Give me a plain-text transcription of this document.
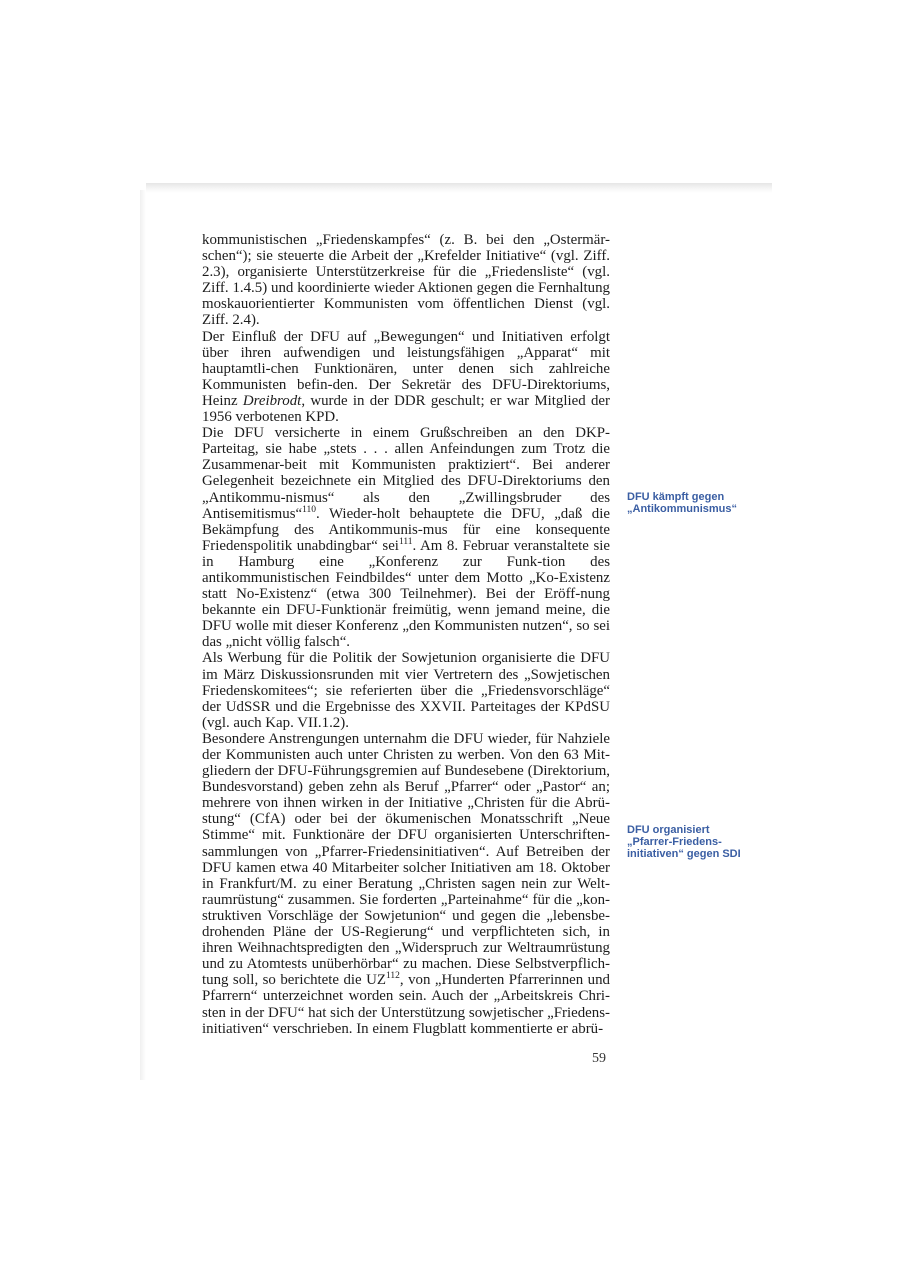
kommunistischen „Friedenskampfes“ (z. B. bei den „Ostermär-schen“); sie steuerte die Arbeit der „Krefelder Initiative“ (vgl. Ziff. 2.3), organisierte Unterstützerkreise für die „Friedensliste“ (vgl. Ziff. 1.4.5) und koordinierte wieder Aktionen gegen die Fernhaltung moskauorientierter Kommunisten vom öffentlichen Dienst (vgl. Ziff. 2.4).

Der Einfluß der DFU auf „Bewegungen“ und Initiativen erfolgt über ihren aufwendigen und leistungsfähigen „Apparat“ mit hauptamtli-chen Funktionären, unter denen sich zahlreiche Kommunisten befin-den. Der Sekretär des DFU-Direktoriums, Heinz Dreibrodt, wurde in der DDR geschult; er war Mitglied der 1956 verbotenen KPD.

Die DFU versicherte in einem Grußschreiben an den DKP-Parteitag, sie habe „stets . . . allen Anfeindungen zum Trotz die Zusammenar-beit mit Kommunisten praktiziert“. Bei anderer Gelegenheit bezeichnete ein Mitglied des DFU-Direktoriums den „Antikommu-nismus“ als den „Zwillingsbruder des Antisemitismus“$^{110}$. Wieder-holt behauptete die DFU, „daß die Bekämpfung des Antikommunis-mus für eine konsequente Friedenspolitik unabdingbar“ sei$^{111}$. Am 8. Februar veranstaltete sie in Hamburg eine „Konferenz zur Funk-tion des antikommunistischen Feindbildes“ unter dem Motto „Ko-Existenz statt No-Existenz“ (etwa 300 Teilnehmer). Bei der Eröff-nung bekannte ein DFU-Funktionär freimütig, wenn jemand meine, die DFU wolle mit dieser Konferenz „den Kommunisten nutzen“, so sei das „nicht völlig falsch“.

Als Werbung für die Politik der Sowjetunion organisierte die DFU im März Diskussionsrunden mit vier Vertretern des „Sowjetischen Friedenskomitees“; sie referierten über die „Friedensvorschläge“ der UdSSR und die Ergebnisse des XXVII. Parteitages der KPdSU (vgl. auch Kap. VII.1.2).

Besondere Anstrengungen unternahm die DFU wieder, für Nahziele der Kommunisten auch unter Christen zu werben. Von den 63 Mit-gliedern der DFU-Führungsgremien auf Bundesebene (Direktorium, Bundesvorstand) geben zehn als Beruf „Pfarrer“ oder „Pastor“ an; mehrere von ihnen wirken in der Initiative „Christen für die Abrü-stung“ (CfA) oder bei der ökumenischen Monatsschrift „Neue Stimme“ mit. Funktionäre der DFU organisierten Unterschriften-sammlungen von „Pfarrer-Friedensinitiativen“. Auf Betreiben der DFU kamen etwa 40 Mitarbeiter solcher Initiativen am 18. Oktober in Frankfurt/M. zu einer Beratung „Christen sagen nein zur Welt-raumrüstung“ zusammen. Sie forderten „Parteinahme“ für die „kon-struktiven Vorschläge der Sowjetunion“ und gegen die „lebensbe-drohenden Pläne der US-Regierung“ und verpflichteten sich, in ihren Weihnachtspredigten den „Widerspruch zur Weltraumrüstung und zu Atomtests unüberhörbar“ zu machen. Diese Selbstverpflich-tung soll, so berichtete die UZ$^{112}$, von „Hunderten Pfarrerinnen und Pfarrern“ unterzeichnet worden sein. Auch der „Arbeitskreis Chri-sten in der DFU“ hat sich der Unterstützung sowjetischer „Friedens-initiativen“ verschrieben. In einem Flugblatt kommentierte er abrü-

DFU kämpft gegen „Antikommunismus“
DFU organisiert „Pfarrer-Friedens-initiativen“ gegen SDI
59
